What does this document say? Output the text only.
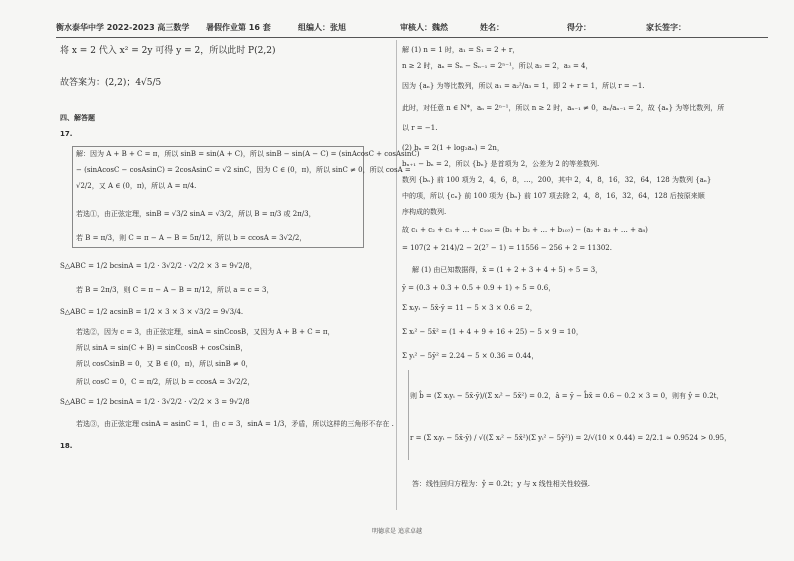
衡水泰华中学 2022-2023 高三数学 暑假作业第 16 套	组编人：张旭	审核人：魏然	姓名：	得分：	家长签字：

将 x = 2 代入 x² = 2y 可得 y = 2，所以此时 P(2,2)

故答案为：(2,2)；4√5/5

四、解答题

17.

解：因为 A + B + C = π，所以 sinB = sin(A + C)，所以 sinB − sin(A − C) = (sinAcosC + cosAsinC)

− (sinAcosC − cosAsinC) = 2cosAsinC = √2 sinC，因为 C ∈ (0，π)，所以 sinC ≠ 0，所以 cosA =

√2/2，又 A ∈ (0，π)，所以 A = π/4.

若选①，由正弦定理，sinB = √3/2 sinA = √3/2，所以 B = π/3 或 2π/3，

若 B = π/3，则 C = π − A − B = 5π/12，所以 b = ccosA = 3√2/2，

S△ABC = 1/2 bcsinA = 1/2 · 3√2/2 · √2/2 × 3 = 9√2/8，

若 B = 2π/3，则 C = π − A − B = π/12，所以 a = c = 3，

S△ABC = 1/2 acsinB = 1/2 × 3 × 3 × √3/2 = 9√3/4.

若选②，因为 c = 3，由正弦定理，sinA = sinCcosB，又因为 A + B + C = π，

所以 sinA = sin(C + B) = sinCcosB + cosCsinB，

所以 cosCsinB = 0，又 B ∈ (0，π)，所以 sinB ≠ 0，

所以 cosC = 0，C = π/2，所以 b = ccosA = 3√2/2，

S△ABC = 1/2 bcsinA = 1/2 · 3√2/2 · √2/2 × 3 = 9√2/8

若选③，由正弦定理 csinA = asinC = 1，由 c = 3，sinA = 1/3，矛盾，所以这样的三角形不存在 .

18.

解 (1) n = 1 时，a₁ = S₁ = 2 + r，

n ≥ 2 时，aₙ = Sₙ − Sₙ₋₁ = 2ⁿ⁻¹，所以 a₂ = 2，a₃ = 4，

因为 {aₙ} 为等比数列，所以 a₁ = a₂²/a₃ = 1，即 2 + r = 1，所以 r = −1.

此时，对任意 n ∈ N*，aₙ = 2ⁿ⁻¹，所以 n ≥ 2 时，aₙ₋₁ ≠ 0，aₙ/aₙ₋₁ = 2，故 {aₙ} 为等比数列，所

以 r = −1.

(2) bₙ = 2(1 + log₂aₙ) = 2n，

bₙ₊₁ − bₙ = 2，所以 {bₙ} 是首项为 2，公差为 2 的等差数列.

数列 {bₙ} 前 100 项为 2，4，6，8，…，200，其中 2，4，8，16，32，64，128 为数列 {aₙ}

中的项，所以 {cₙ} 前 100 项为 {bₙ} 前 107 项去除 2，4，8，16，32，64，128 后按原来顺

序构成的数列.

故 c₁ + c₂ + c₃ + … + c₁₀₀ = (b₁ + b₂ + … + b₁₀₇) − (a₂ + a₃ + … + a₈)

= 107(2 + 214)/2 − 2(2⁷ − 1) = 11556 − 256 + 2 = 11302.

解 (1) 由已知数据得，x̄ = (1 + 2 + 3 + 4 + 5) ÷ 5 = 3，

ȳ = (0.3 + 0.3 + 0.5 + 0.9 + 1) ÷ 5 = 0.6，

Σ xᵢyᵢ − 5x̄·ȳ = 11 − 5 × 3 × 0.6 = 2，

Σ xᵢ² − 5x̄² = (1 + 4 + 9 + 16 + 25) − 5 × 9 = 10，

Σ yᵢ² − 5ȳ² = 2.24 − 5 × 0.36 = 0.44，

则 b̂ = (Σ xᵢyᵢ − 5x̄·ȳ)/(Σ xᵢ² − 5x̄²) = 0.2，â = ȳ − b̂x̄ = 0.6 − 0.2 × 3 = 0，则有 ŷ = 0.2t，

r = (Σ xᵢyᵢ − 5x̄·ȳ) / √((Σ xᵢ² − 5x̄²)(Σ yᵢ² − 5ȳ²)) = 2/√(10 × 0.44) = 2/2.1 ≈ 0.9524 > 0.95，

答：线性回归方程为：ŷ = 0.2t；y 与 x 线性相关性较强.

明德求是 追求卓越
